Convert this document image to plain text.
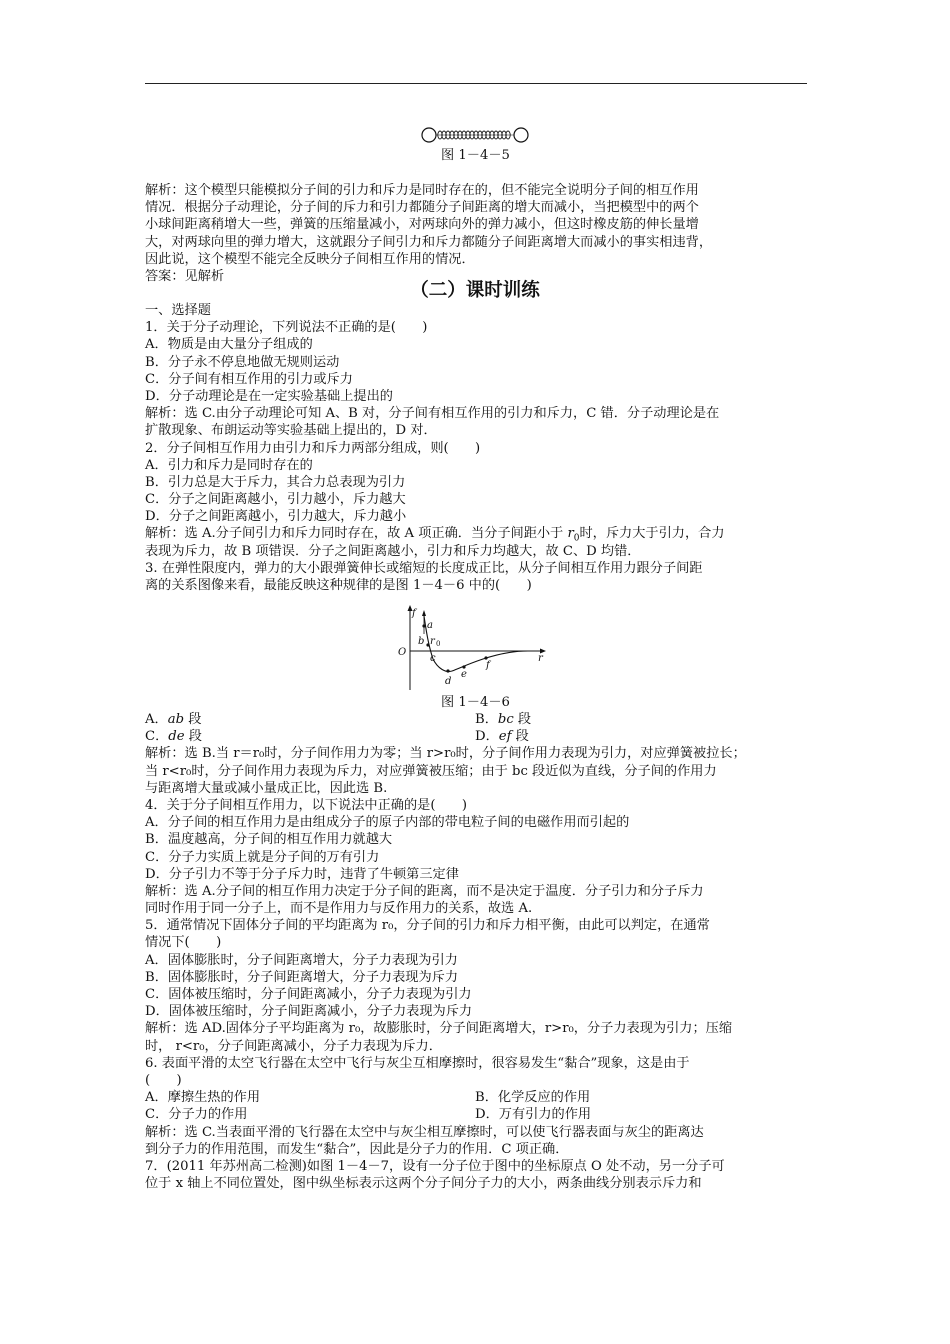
图 1－4－5
解析：这个模型只能模拟分子间的引力和斥力是同时存在的，但不能完全说明分子间的相互作用
情况．根据分子动理论，分子间的斥力和引力都随分子间距离的增大而减小，当把模型中的两个
小球间距离稍增大一些，弹簧的压缩量减小，对两球向外的弹力减小，但这时橡皮筋的伸长量增
大，对两球向里的弹力增大，这就跟分子间引力和斥力都随分子间距离增大而减小的事实相违背，
因此说，这个模型不能完全反映分子间相互作用的情况．
答案：见解析
（二）课时训练
一、选择题
1．关于分子动理论，下列说法不正确的是(　　)
A．物质是由大量分子组成的
B．分子永不停息地做无规则运动
C．分子间有相互作用的引力或斥力
D．分子动理论是在一定实验基础上提出的
解析：选 C.由分子动理论可知 A、B 对，分子间有相互作用的引力和斥力，C 错．分子动理论是在
扩散现象、布朗运动等实验基础上提出的，D 对．
2．分子间相互作用力由引力和斥力两部分组成，则(　　)
A．引力和斥力是同时存在的
B．引力总是大于斥力，其合力总表现为引力
C．分子之间距离越小，引力越小，斥力越大
D．分子之间距离越小，引力越大，斥力越小
解析：选 A.分子间引力和斥力同时存在，故 A 项正确．当分子间距小于 $r_0$时，斥力大于引力，合力
表现为斥力，故 B 项错误．分子之间距离越小，引力和斥力均越大，故 C、D 均错．
3. 在弹性限度内，弹力的大小跟弹簧伸长或缩短的长度成正比，从分子间相互作用力跟分子间距
离的关系图像来看，最能反映这种规律的是图 1－4－6 中的(　　)
f
r
a
b r
c
d
e
f
0
O
图 1－4－6
A．ab 段	B．bc 段
C．de 段	D．ef 段
解析：选 B.当 r＝r₀时，分子间作用力为零；当 r>r₀时，分子间作用力表现为引力，对应弹簧被拉长；
当 r<r₀时，分子间作用力表现为斥力，对应弹簧被压缩；由于 bc 段近似为直线，分子间的作用力
与距离增大量或减小量成正比，因此选 B.
4．关于分子间相互作用力，以下说法中正确的是(　　)
A．分子间的相互作用力是由组成分子的原子内部的带电粒子间的电磁作用而引起的
B．温度越高，分子间的相互作用力就越大
C．分子力实质上就是分子间的万有引力
D．分子引力不等于分子斥力时，违背了牛顿第三定律
解析：选 A.分子间的相互作用力决定于分子间的距离，而不是决定于温度．分子引力和分子斥力
同时作用于同一分子上，而不是作用力与反作用力的关系，故选 A.
5．通常情况下固体分子间的平均距离为 r₀，分子间的引力和斥力相平衡，由此可以判定，在通常
情况下(　　)
A．固体膨胀时，分子间距离增大，分子力表现为引力
B．固体膨胀时，分子间距离增大，分子力表现为斥力
C．固体被压缩时，分子间距离减小，分子力表现为引力
D．固体被压缩时，分子间距离减小，分子力表现为斥力
解析：选 AD.固体分子平均距离为 r₀，故膨胀时，分子间距离增大，r>r₀，分子力表现为引力；压缩
时， r<r₀，分子间距离减小，分子力表现为斥力．
6. 表面平滑的太空飞行器在太空中飞行与灰尘互相摩擦时，很容易发生“黏合”现象，这是由于
(　　)
A．摩擦生热的作用	B．化学反应的作用
C．分子力的作用	D．万有引力的作用
解析：选 C.当表面平滑的飞行器在太空中与灰尘相互摩擦时，可以使飞行器表面与灰尘的距离达
到分子力的作用范围，而发生“黏合”，因此是分子力的作用．C 项正确．
7．(2011 年苏州高二检测)如图 1－4－7，设有一分子位于图中的坐标原点 O 处不动，另一分子可
位于 x 轴上不同位置处，图中纵坐标表示这两个分子间分子力的大小，两条曲线分别表示斥力和
